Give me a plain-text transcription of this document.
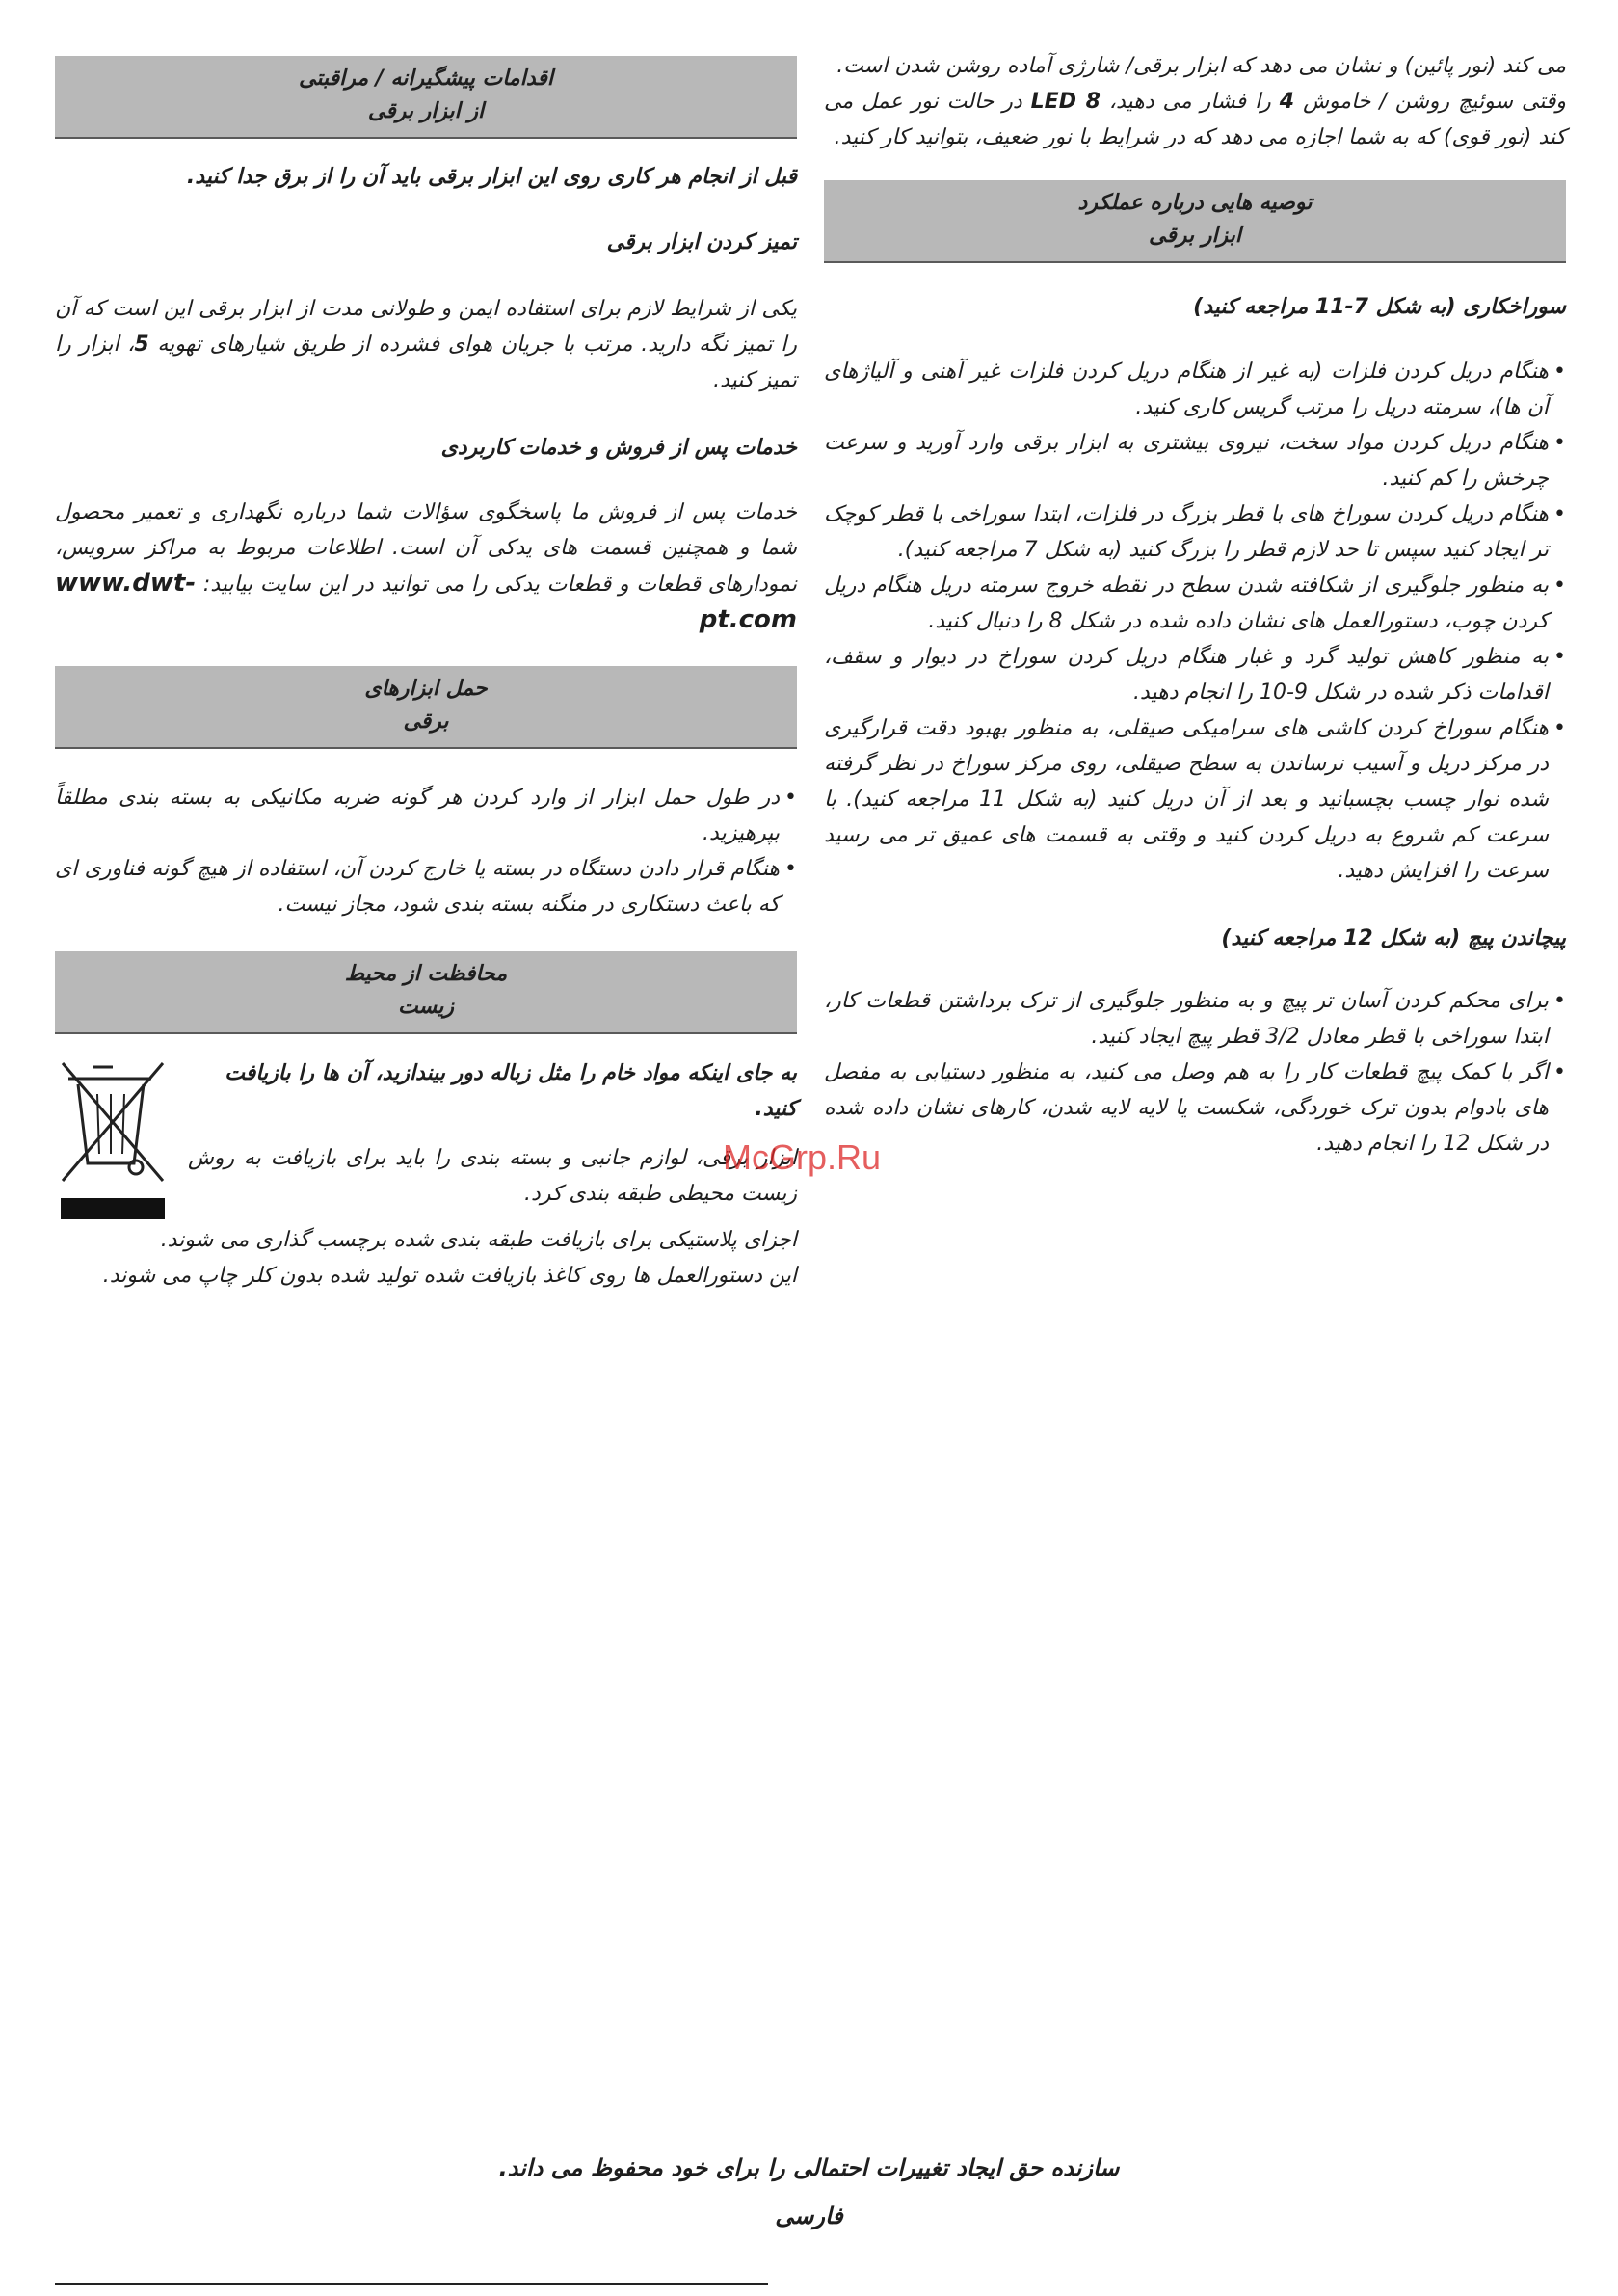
می کند (نور پائین) و نشان می دهد که ابزار برقی/ شارژی آماده روشن شدن است.

وقتی سوئیچ روشن / خاموش 4 را فشار می دهید، LED 8 در حالت نور عمل می کند (نور قوی) که به شما اجازه می دهد که در شرایط با نور ضعیف، بتوانید کار کنید.

توصیه هایی درباره عملکرد
ابزار برقی

سوراخکاری (به شکل 7-11 مراجعه کنید)

• هنگام دریل کردن فلزات (به غیر از هنگام دریل کردن فلزات غیر آهنی و آلیاژهای آن ها)، سرمته دریل را مرتب گریس کاری کنید.
• هنگام دریل کردن مواد سخت، نیروی بیشتری به ابزار برقی وارد آورید و سرعت چرخش را کم کنید.
• هنگام دریل کردن سوراخ های با قطر بزرگ در فلزات، ابتدا سوراخی با قطر کوچک تر ایجاد کنید سپس تا حد لازم قطر را بزرگ کنید (به شکل 7 مراجعه کنید).
• به منظور جلوگیری از شکافته شدن سطح در نقطه خروج سرمته دریل هنگام دریل کردن چوب، دستورالعمل های نشان داده شده در شکل 8 را دنبال کنید.
• به منظور کاهش تولید گرد و غبار هنگام دریل کردن سوراخ در دیوار و سقف، اقدامات ذکر شده در شکل 9-10 را انجام دهید.
• هنگام سوراخ کردن کاشی های سرامیکی صیقلی، به منظور بهبود دقت قرارگیری در مرکز دریل و آسیب نرساندن به سطح صیقلی، روی مرکز سوراخ در نظر گرفته شده نوار چسب بچسبانید و بعد از آن دریل کنید (به شکل 11 مراجعه کنید). با سرعت کم شروع به دریل کردن کنید و وقتی به قسمت های عمیق تر می رسید سرعت را افزایش دهید.

پیچاندن پیچ (به شکل 12 مراجعه کنید)

• برای محکم کردن آسان تر پیچ و به منظور جلوگیری از ترک برداشتن قطعات کار، ابتدا سوراخی با قطر معادل 3/2 قطر پیچ ایجاد کنید.
• اگر با کمک پیچ قطعات کار را به هم وصل می کنید، به منظور دستیابی به مفصل های بادوام بدون ترک خوردگی، شکست یا لایه لایه شدن، کارهای نشان داده شده در شکل 12 را انجام دهید.
اقدامات پیشگیرانه / مراقبتی
از ابزار برقی

قبل از انجام هر کاری روی این ابزار برقی باید آن را از برق جدا کنید.

تمیز کردن ابزار برقی

یکی از شرایط لازم برای استفاده ایمن و طولانی مدت از ابزار برقی این است که آن را تمیز نگه دارید. مرتب با جریان هوای فشرده از طریق شیارهای تهویه 5، ابزار را تمیز کنید.

خدمات پس از فروش و خدمات کاربردی

خدمات پس از فروش ما پاسخگوی سؤالات شما درباره نگهداری و تعمیر محصول شما و همچنین قسمت های یدکی آن است. اطلاعات مربوط به مراکز سرویس، نمودارهای قطعات و قطعات یدکی را می توانید در این سایت بیابید: www.dwt-pt.com

حمل ابزارهای
برقی
• در طول حمل ابزار از وارد کردن هر گونه ضربه مکانیکی به بسته بندی مطلقاً بپرهیزید.
• هنگام قرار دادن دستگاه در بسته یا خارج کردن آن، استفاده از هیچ گونه فناوری ای که باعث دستکاری در منگنه بسته بندی شود، مجاز نیست.
محافظت از محیط
زیست

به جای اینکه مواد خام را مثل زباله دور بیندازید، آن ها را بازیافت کنید.

ابزار برقی، لوازم جانبی و بسته بندی را باید برای بازیافت به روش زیست محیطی طبقه بندی کرد.

اجزای پلاستیکی برای بازیافت طبقه بندی شده برچسب گذاری می شوند.

این دستورالعمل ها روی کاغذ بازیافت شده تولید شده بدون کلر چاپ می شوند.

McGrp.Ru

سازنده حق ایجاد تغییرات احتمالی را برای خود محفوظ می داند.

فارسی
